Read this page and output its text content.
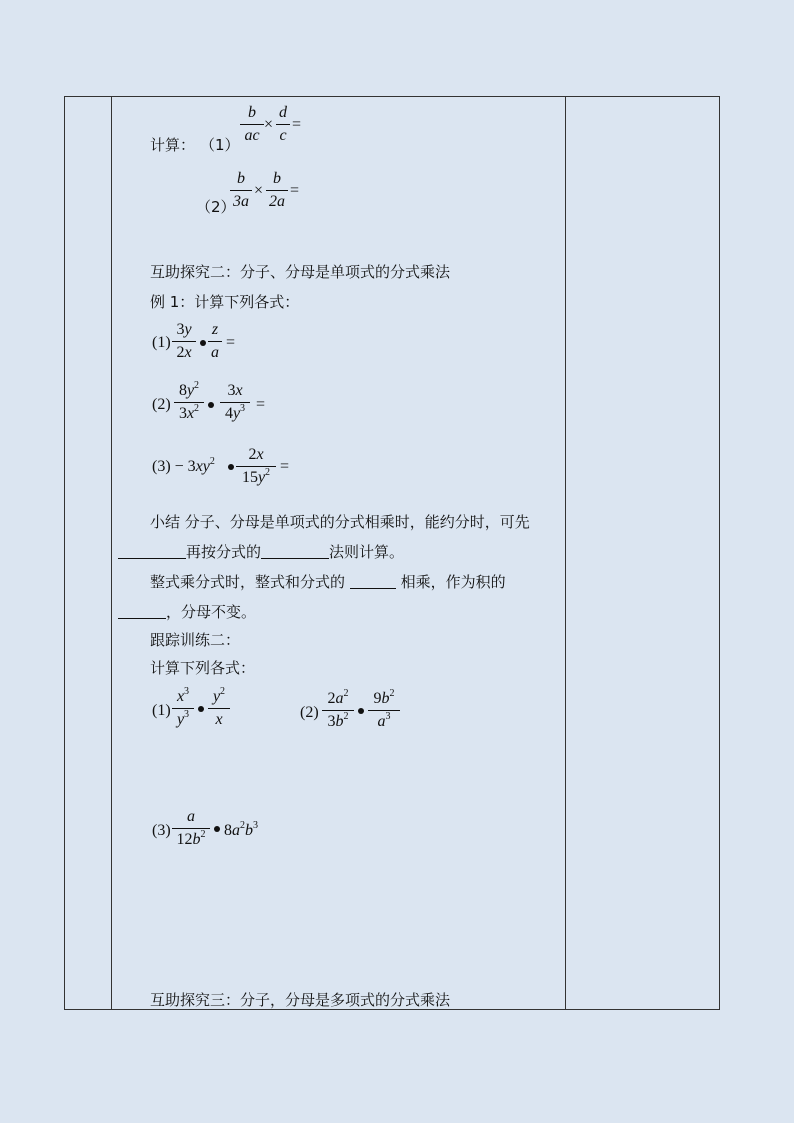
计算： （1）
b
ac
×
d
c
=
（2）
b
3a
×
b
2a
=
互助探究二：分子、分母是单项式的分式乘法
例 1：计算下列各式：
(1)
3y
2x
z
a
=
(2)
$8y^2$
$3x^2$
3x
$4y^3$ =
$(3) - 3xy^2$	2x
$15y^2$ =
小结 分子、分母是单项式的分式相乘时，能约分时，可先
再按分式的	法则计算。
整式乘分式时，整式和分式的	相乘，作为积的
，分母不变。
跟踪训练二：
计算下列各式：
(1)
$x^3$
$y^3$
$y^2$
x	(2)
$2a^2$
$3b^2$
$9b^2$
$a^3$
(3)
a
$12b^2$ $8a^2b^3$
互助探究三：分子，分母是多项式的分式乘法
